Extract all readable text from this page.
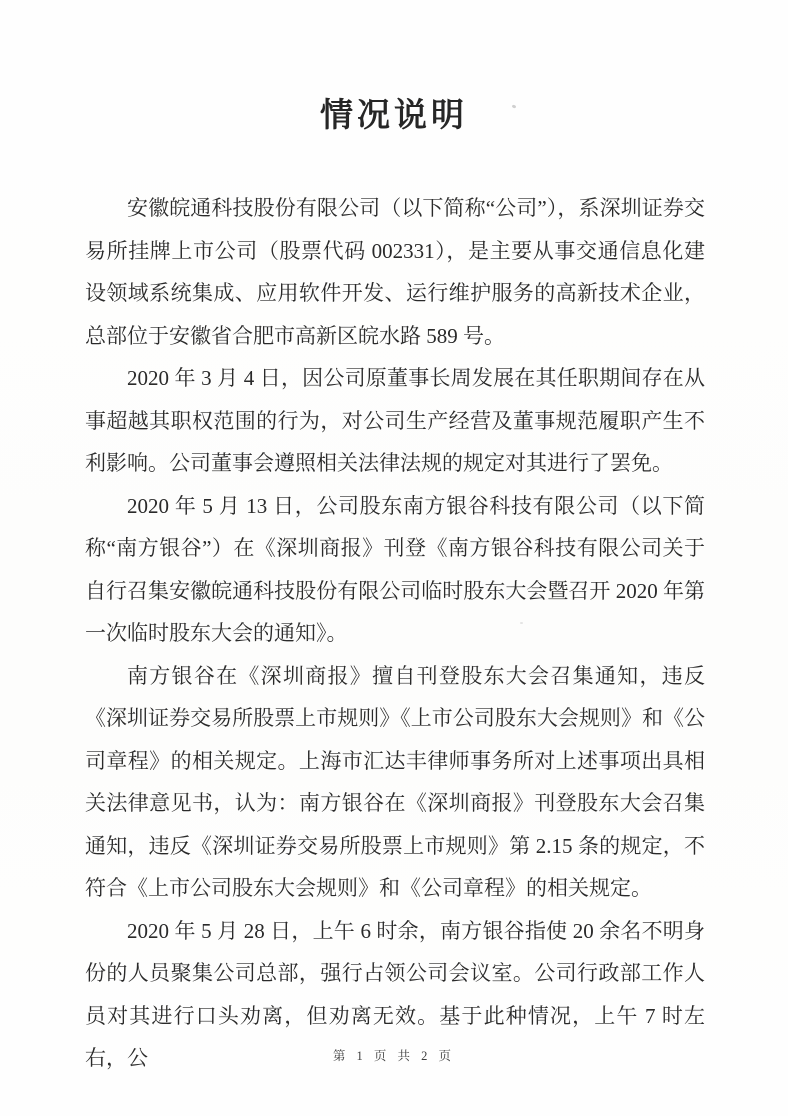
情况说明

安徽皖通科技股份有限公司（以下简称“公司”），系深圳证券交易所挂牌上市公司（股票代码 002331），是主要从事交通信息化建设领域系统集成、应用软件开发、运行维护服务的高新技术企业，总部位于安徽省合肥市高新区皖水路 589 号。

2020 年 3 月 4 日，因公司原董事长周发展在其任职期间存在从事超越其职权范围的行为，对公司生产经营及董事规范履职产生不利影响。公司董事会遵照相关法律法规的规定对其进行了罢免。

2020 年 5 月 13 日，公司股东南方银谷科技有限公司（以下简称“南方银谷”）在《深圳商报》刊登《南方银谷科技有限公司关于自行召集安徽皖通科技股份有限公司临时股东大会暨召开 2020 年第一次临时股东大会的通知》。

南方银谷在《深圳商报》擅自刊登股东大会召集通知，违反《深圳证券交易所股票上市规则》《上市公司股东大会规则》和《公司章程》的相关规定。上海市汇达丰律师事务所对上述事项出具相关法律意见书，认为：南方银谷在《深圳商报》刊登股东大会召集通知，违反《深圳证券交易所股票上市规则》第 2.15 条的规定，不符合《上市公司股东大会规则》和《公司章程》的相关规定。

2020 年 5 月 28 日，上午 6 时余，南方银谷指使 20 余名不明身份的人员聚集公司总部，强行占领公司会议室。公司行政部工作人员对其进行口头劝离，但劝离无效。基于此种情况，上午 7 时左右，公	第 1 页 共 2 页
